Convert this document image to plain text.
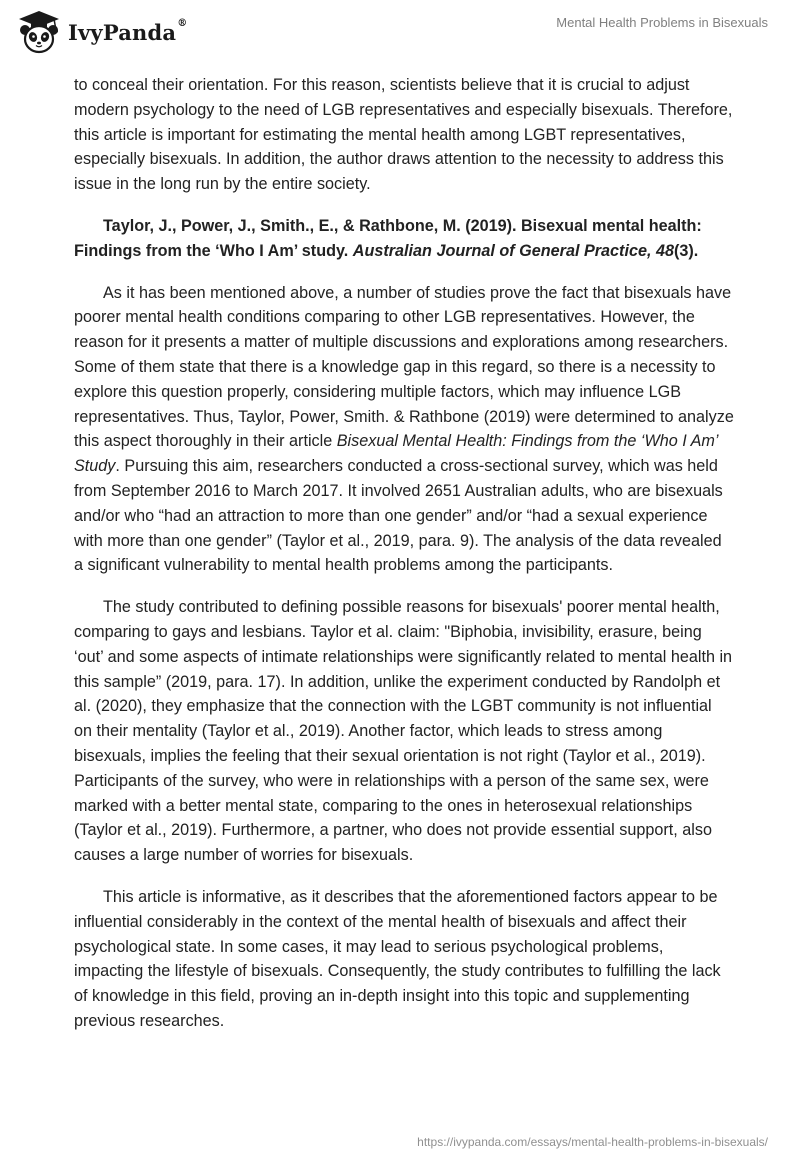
IvyPanda®	Mental Health Problems in Bisexuals

to conceal their orientation. For this reason, scientists believe that it is crucial to adjust modern psychology to the need of LGB representatives and especially bisexuals. Therefore, this article is important for estimating the mental health among LGBT representatives, especially bisexuals. In addition, the author draws attention to the necessity to address this issue in the long run by the entire society.

Taylor, J., Power, J., Smith., E., & Rathbone, M. (2019). Bisexual mental health: Findings from the ‘Who I Am’ study. Australian Journal of General Practice, 48(3).

As it has been mentioned above, a number of studies prove the fact that bisexuals have poorer mental health conditions comparing to other LGB representatives. However, the reason for it presents a matter of multiple discussions and explorations among researchers. Some of them state that there is a knowledge gap in this regard, so there is a necessity to explore this question properly, considering multiple factors, which may influence LGB representatives. Thus, Taylor, Power, Smith. & Rathbone (2019) were determined to analyze this aspect thoroughly in their article Bisexual Mental Health: Findings from the ‘Who I Am’ Study. Pursuing this aim, researchers conducted a cross-sectional survey, which was held from September 2016 to March 2017. It involved 2651 Australian adults, who are bisexuals and/or who “had an attraction to more than one gender” and/or “had a sexual experience with more than one gender” (Taylor et al., 2019, para. 9). The analysis of the data revealed a significant vulnerability to mental health problems among the participants.

The study contributed to defining possible reasons for bisexuals' poorer mental health, comparing to gays and lesbians. Taylor et al. claim: "Biphobia, invisibility, erasure, being ‘out’ and some aspects of intimate relationships were significantly related to mental health in this sample” (2019, para. 17). In addition, unlike the experiment conducted by Randolph et al. (2020), they emphasize that the connection with the LGBT community is not influential on their mentality (Taylor et al., 2019). Another factor, which leads to stress among bisexuals, implies the feeling that their sexual orientation is not right (Taylor et al., 2019). Participants of the survey, who were in relationships with a person of the same sex, were marked with a better mental state, comparing to the ones in heterosexual relationships (Taylor et al., 2019). Furthermore, a partner, who does not provide essential support, also causes a large number of worries for bisexuals.

This article is informative, as it describes that the aforementioned factors appear to be influential considerably in the context of the mental health of bisexuals and affect their psychological state. In some cases, it may lead to serious psychological problems, impacting the lifestyle of bisexuals. Consequently, the study contributes to fulfilling the lack of knowledge in this field, proving an in-depth insight into this topic and supplementing previous researches.

https://ivypanda.com/essays/mental-health-problems-in-bisexuals/
